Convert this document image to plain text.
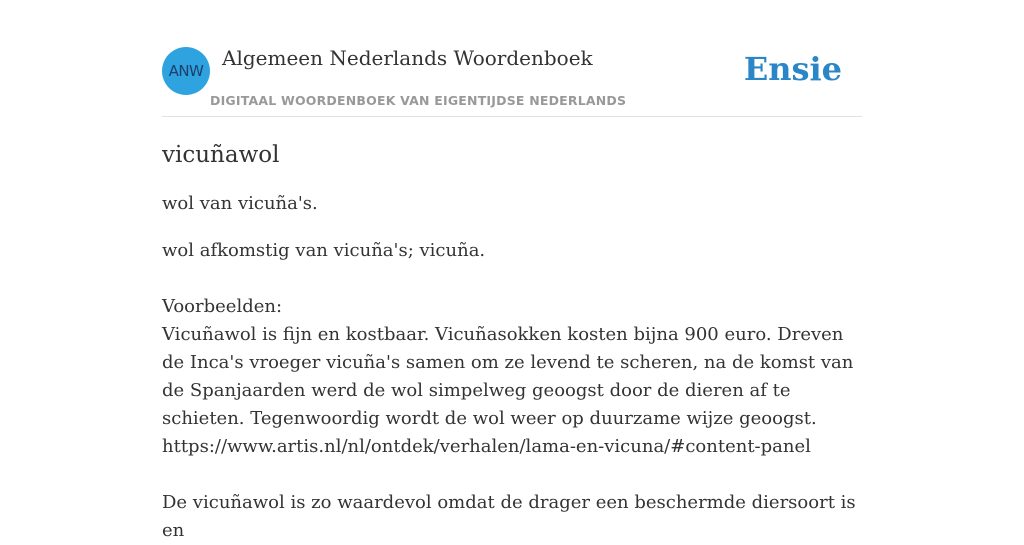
ANW
Algemeen Nederlands Woordenboek
DIGITAAL WOORDENBOEK VAN EIGENTIJDSE NEDERLANDS
Ensie
vicuñawol

wol van vicuña's.

wol afkomstig van vicuña's; vicuña.

Voorbeelden:

Vicuñawol is fijn en kostbaar. Vicuñasokken kosten bijna 900 euro. Dreven de Inca's vroeger vicuña's samen om ze levend te scheren, na de komst van de Spanjaarden werd de wol simpelweg geoogst door de dieren af te schieten. Tegenwoordig wordt de wol weer op duurzame wijze geoogst.

https://www.artis.nl/nl/ontdek/verhalen/lama-en-vicuna/#content-panel

De vicuñawol is zo waardevol omdat de drager een beschermde diersoort is en
